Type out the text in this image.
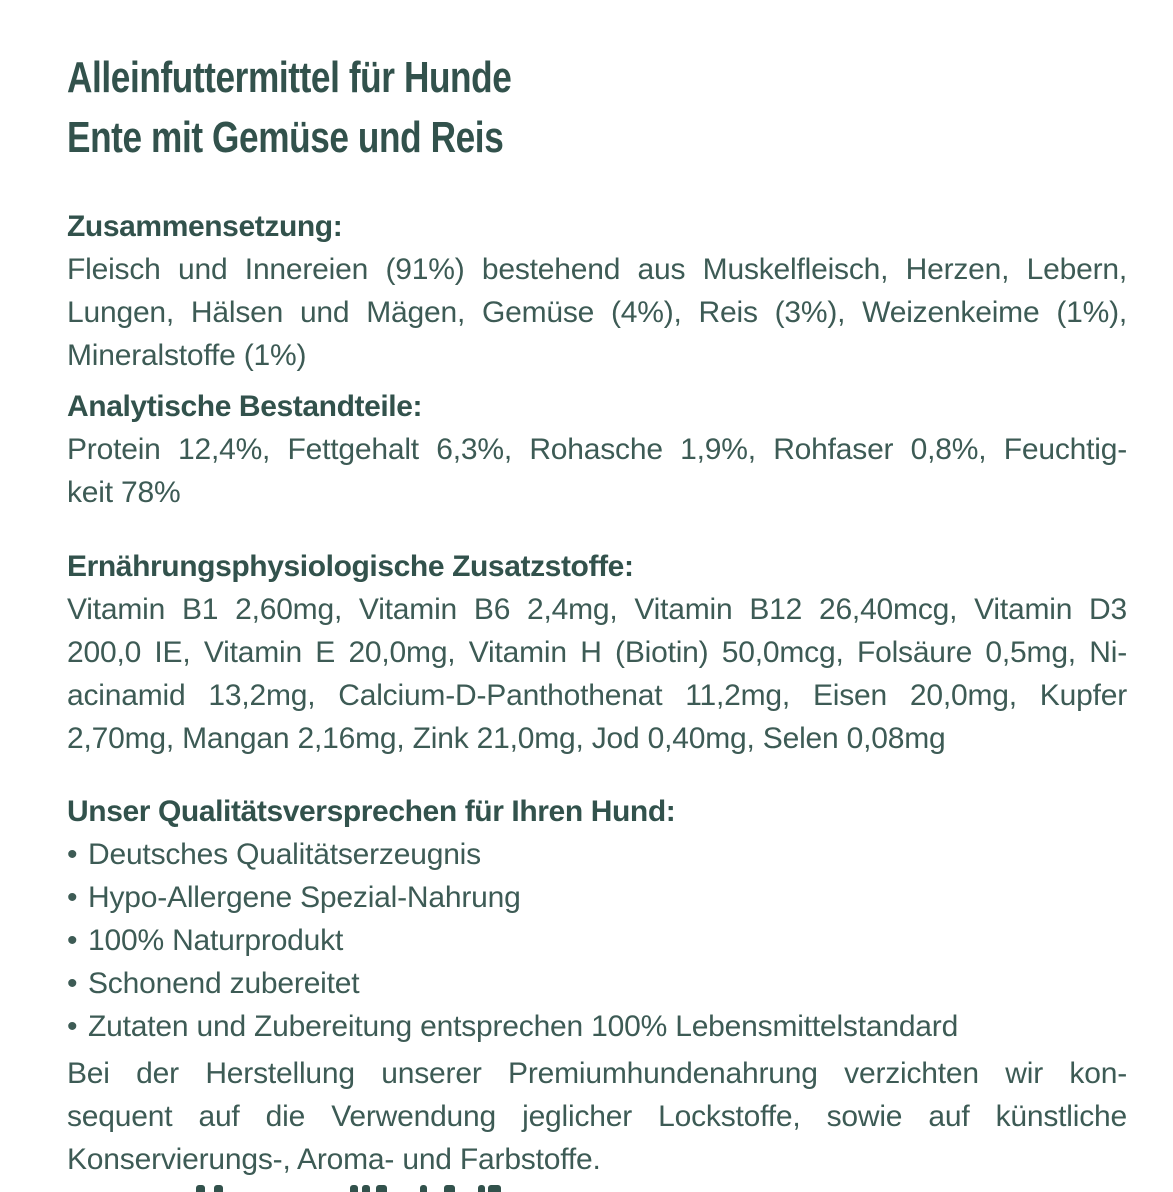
Alleinfuttermittel für Hunde
Ente mit Gemüse und Reis
Zusammensetzung:
Fleisch und Innereien (91%) bestehend aus Muskelfleisch, Herzen, Lebern,
Lungen, Hälsen und Mägen, Gemüse (4%), Reis (3%), Weizenkeime (1%),
Mineralstoffe (1%)
Analytische Bestandteile:
Protein 12,4%, Fettgehalt 6,3%, Rohasche 1,9%, Rohfaser 0,8%, Feuchtig-
keit 78%
Ernährungsphysiologische Zusatzstoffe:
Vitamin B1 2,60mg, Vitamin B6 2,4mg, Vitamin B12 26,40mcg, Vitamin D3
200,0 IE, Vitamin E 20,0mg, Vitamin H (Biotin) 50,0mcg, Folsäure 0,5mg, Ni-
acinamid 13,2mg, Calcium-D-Panthothenat 11,2mg, Eisen 20,0mg, Kupfer
2,70mg, Mangan 2,16mg, Zink 21,0mg, Jod 0,40mg, Selen 0,08mg
Unser Qualitätsversprechen für Ihren Hund:
• Deutsches Qualitätserzeugnis
• Hypo-Allergene Spezial-Nahrung
• 100% Naturprodukt
• Schonend zubereitet
• Zutaten und Zubereitung entsprechen 100% Lebensmittelstandard
Bei der Herstellung unserer Premiumhundenahrung verzichten wir kon-
sequent auf die Verwendung jeglicher Lockstoffe, sowie auf künstliche
Konservierungs-, Aroma- und Farbstoffe.
